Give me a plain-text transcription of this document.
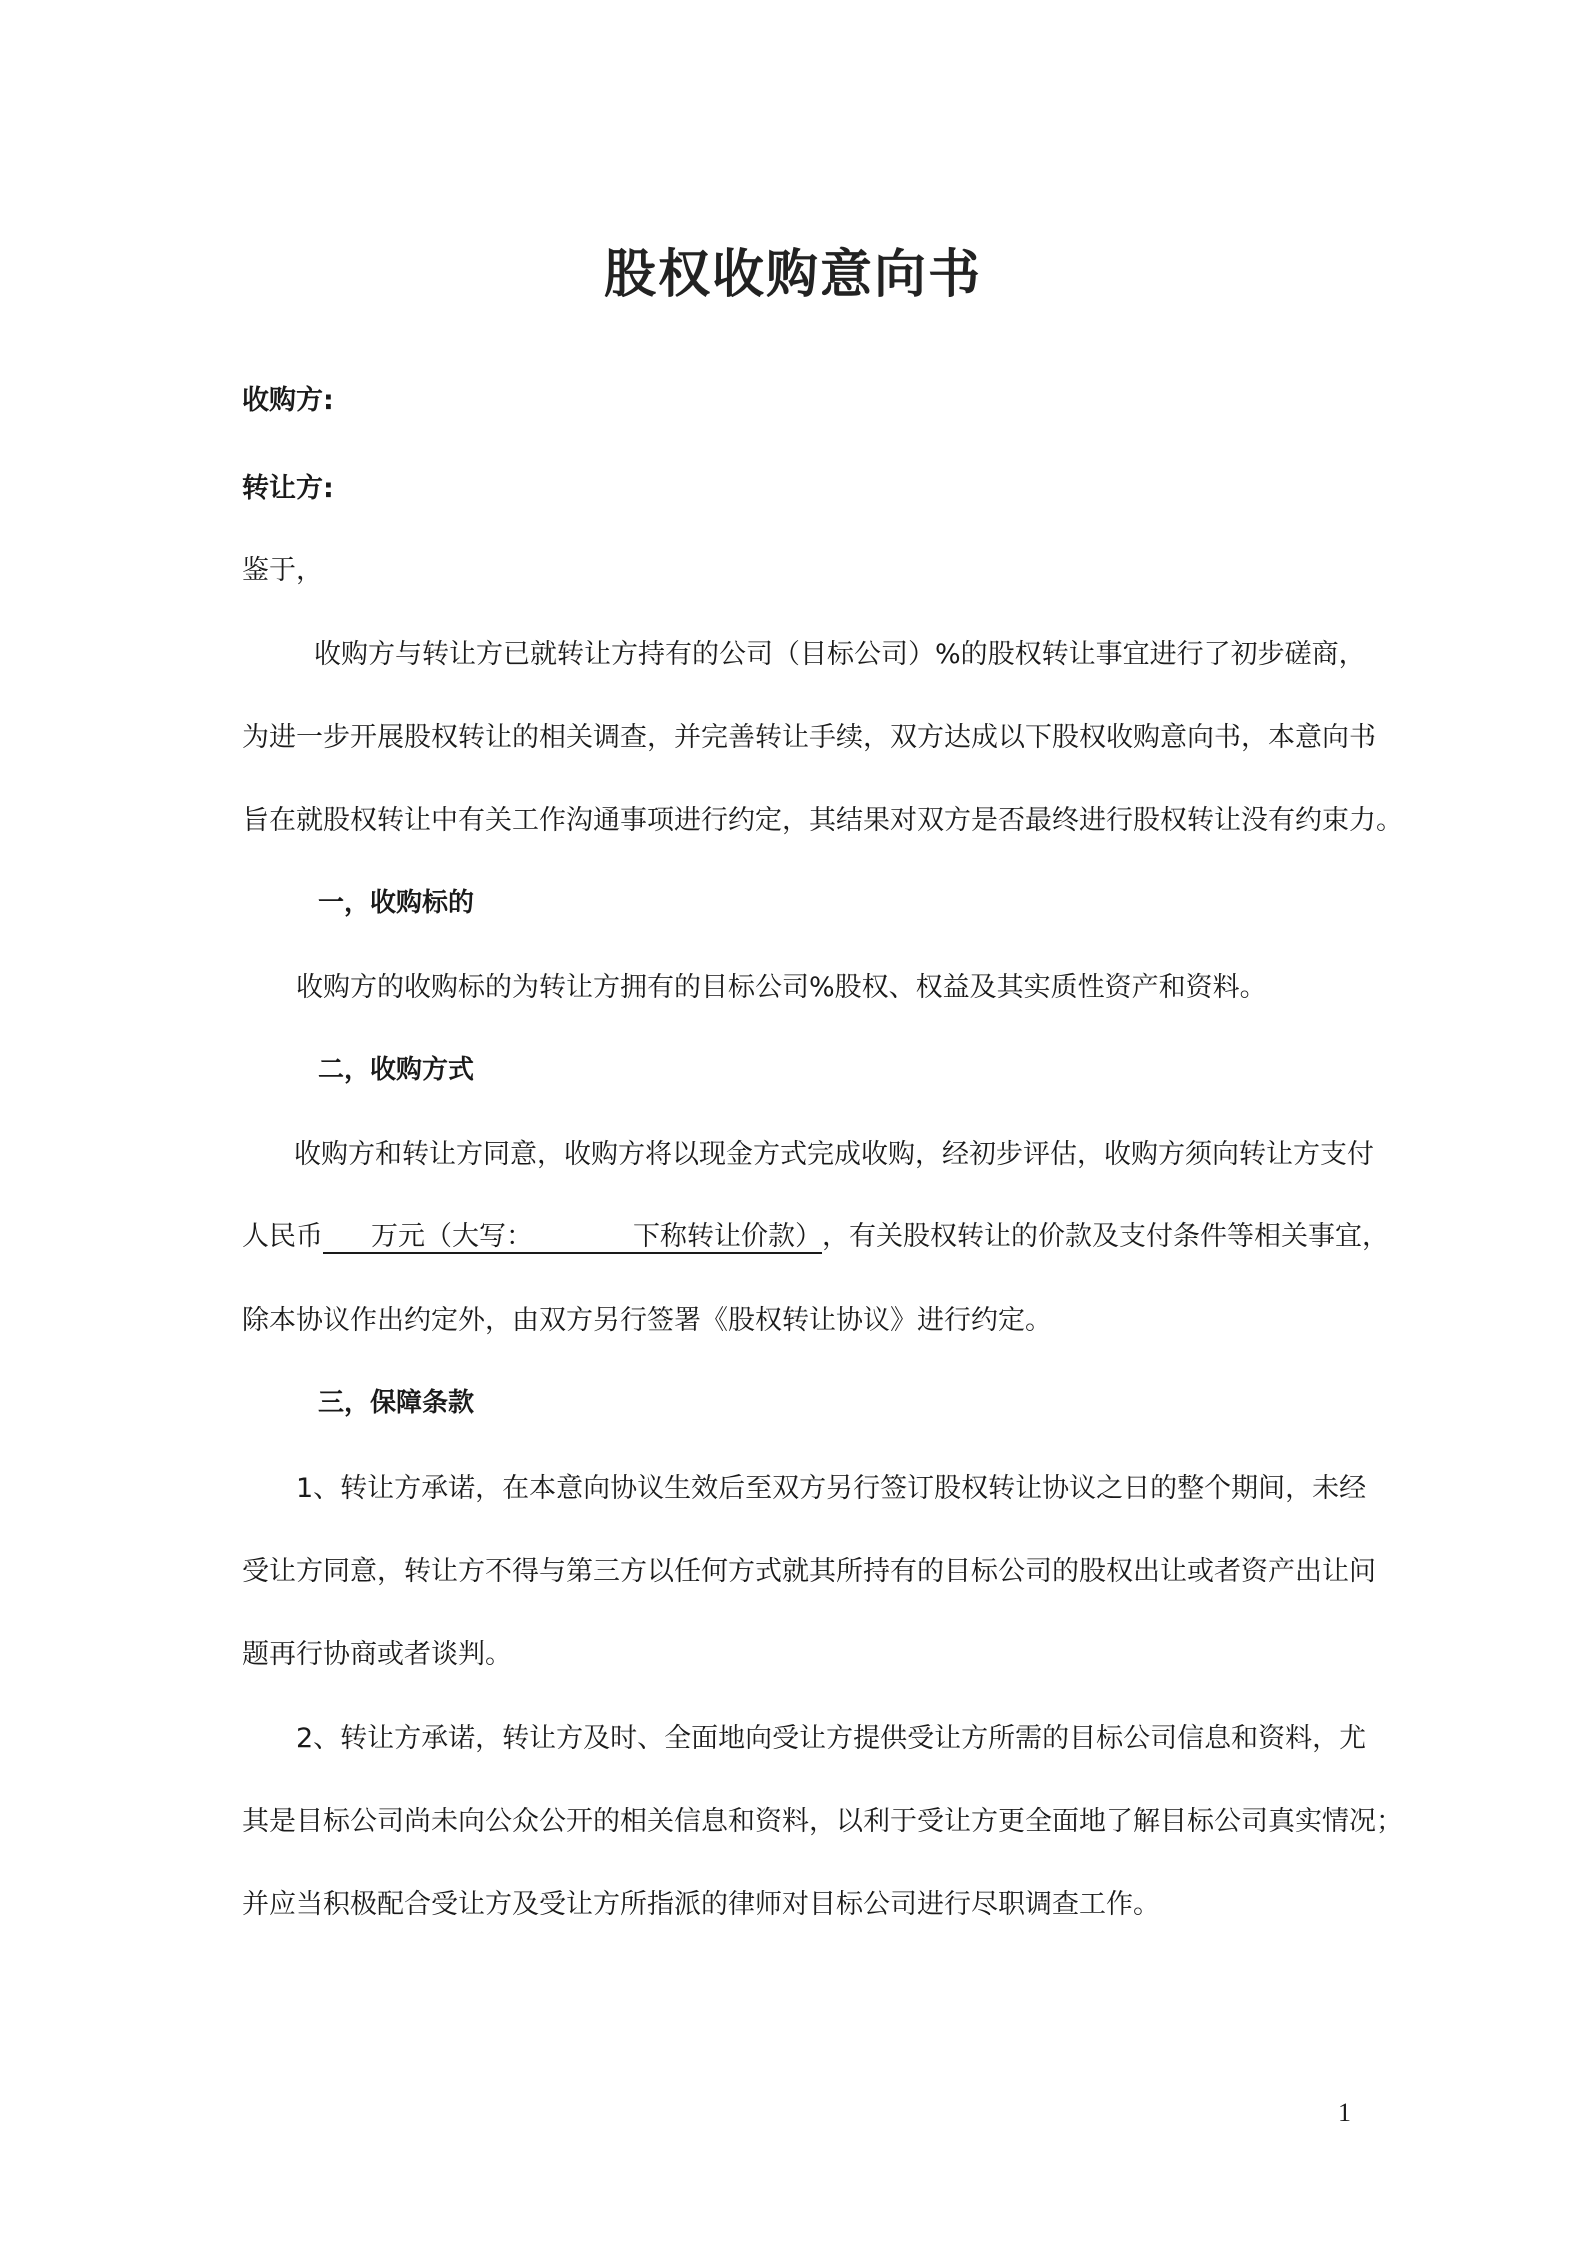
股权收购意向书
收购方:
转让方:
鉴于，
收购方与转让方已就转让方持有的公司（目标公司）%的股权转让事宜进行了初步磋商，
为进一步开展股权转让的相关调查，并完善转让手续，双方达成以下股权收购意向书，本意向书
旨在就股权转让中有关工作沟通事项进行约定，其结果对双方是否最终进行股权转让没有约束力。
一，收购标的
收购方的收购标的为转让方拥有的目标公司%股权、权益及其实质性资产和资料。
二，收购方式
收购方和转让方同意，收购方将以现金方式完成收购，经初步评估，收购方须向转让方支付
人民币 万元（大写：	下称转让价款），有关股权转让的价款及支付条件等相关事宜，
除本协议作出约定外，由双方另行签署《股权转让协议》进行约定。
三，保障条款
1、转让方承诺，在本意向协议生效后至双方另行签订股权转让协议之日的整个期间，未经
受让方同意，转让方不得与第三方以任何方式就其所持有的目标公司的股权出让或者资产出让问
题再行协商或者谈判。
2、转让方承诺，转让方及时、全面地向受让方提供受让方所需的目标公司信息和资料，尤
其是目标公司尚未向公众公开的相关信息和资料，以利于受让方更全面地了解目标公司真实情况；
并应当积极配合受让方及受让方所指派的律师对目标公司进行尽职调查工作。
1
